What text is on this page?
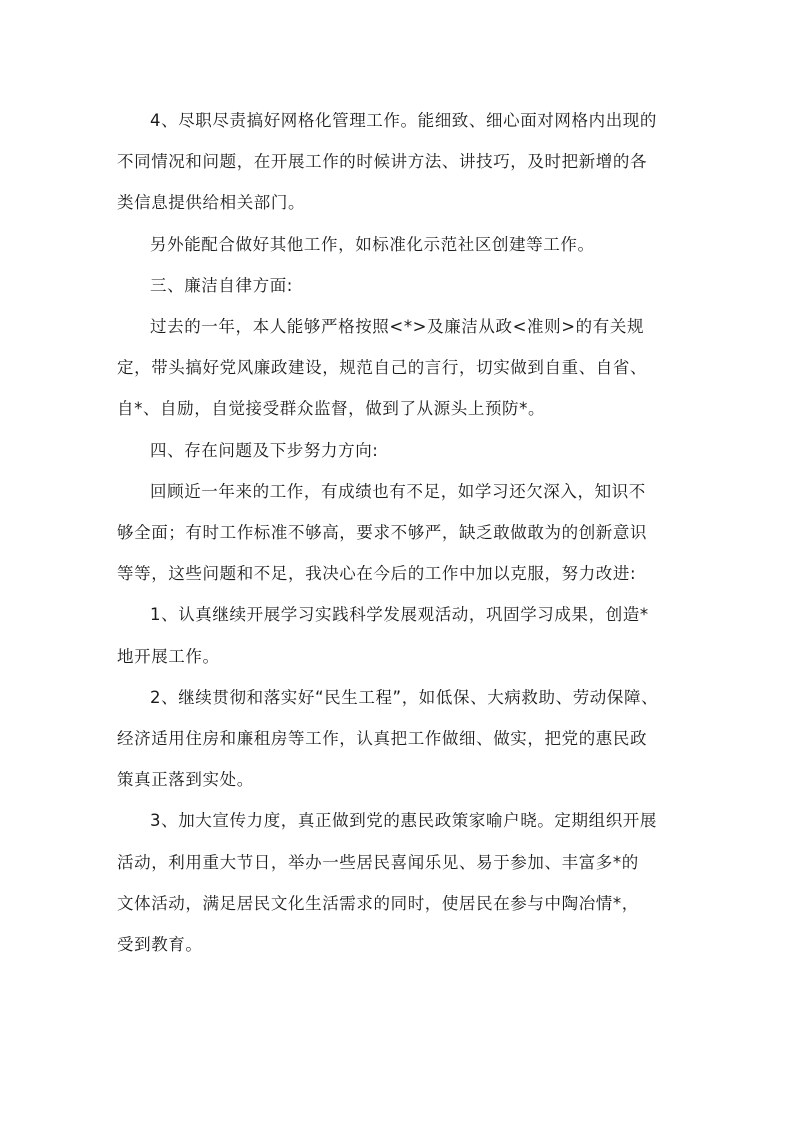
4、尽职尽责搞好网格化管理工作。能细致、细心面对网格内出现的
不同情况和问题，在开展工作的时候讲方法、讲技巧，及时把新增的各
类信息提供给相关部门。

另外能配合做好其他工作，如标准化示范社区创建等工作。

三、廉洁自律方面:

过去的一年，本人能够严格按照<*>及廉洁从政<准则>的有关规
定，带头搞好党风廉政建设，规范自己的言行，切实做到自重、自省、
自*、自励，自觉接受群众监督，做到了从源头上预防*。

四、存在问题及下步努力方向:

回顾近一年来的工作，有成绩也有不足，如学习还欠深入，知识不
够全面；有时工作标准不够高，要求不够严，缺乏敢做敢为的创新意识
等等，这些问题和不足，我决心在今后的工作中加以克服，努力改进:

1、认真继续开展学习实践科学发展观活动，巩固学习成果，创造*
地开展工作。

2、继续贯彻和落实好“民生工程”，如低保、大病救助、劳动保障、
经济适用住房和廉租房等工作，认真把工作做细、做实，把党的惠民政
策真正落到实处。

3、加大宣传力度，真正做到党的惠民政策家喻户晓。定期组织开展
活动，利用重大节日，举办一些居民喜闻乐见、易于参加、丰富多*的
文体活动，满足居民文化生活需求的同时，使居民在参与中陶冶情*，
受到教育。
